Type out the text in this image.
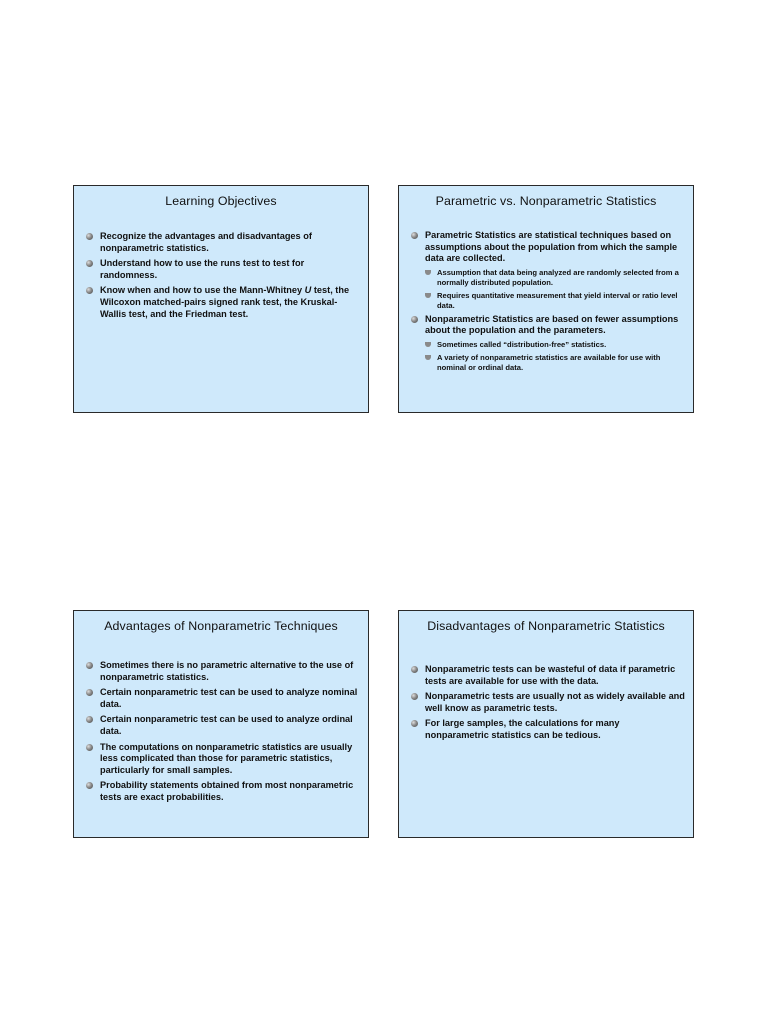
Learning Objectives
Recognize the advantages and disadvantages of nonparametric statistics.
Understand how to use the runs test to test for randomness.
Know when and how to use the Mann-Whitney U test, the Wilcoxon matched-pairs signed rank test, the Kruskal-Wallis test, and the Friedman test.
Parametric vs. Nonparametric Statistics
Parametric Statistics are statistical techniques based on assumptions about the population from which the sample data are collected.
Assumption that data being analyzed are randomly selected from a normally distributed population.
Requires quantitative measurement that yield interval or ratio level data.
Nonparametric Statistics are based on fewer assumptions about the population and the parameters.
Sometimes called “distribution-free” statistics.
A variety of nonparametric statistics are available for use with nominal or ordinal data.
Advantages of Nonparametric Techniques
Sometimes there is no parametric alternative to the use of nonparametric statistics.
Certain nonparametric test can be used to analyze nominal data.
Certain nonparametric test can be used to analyze ordinal data.
The computations on nonparametric statistics are usually less complicated than those for parametric statistics, particularly for small samples.
Probability statements obtained from most nonparametric tests are exact probabilities.
Disadvantages of Nonparametric Statistics
Nonparametric tests can be wasteful of data if parametric tests are available for use with the data.
Nonparametric tests are usually not as widely available and well know as parametric tests.
For large samples, the calculations for many nonparametric statistics can be tedious.
